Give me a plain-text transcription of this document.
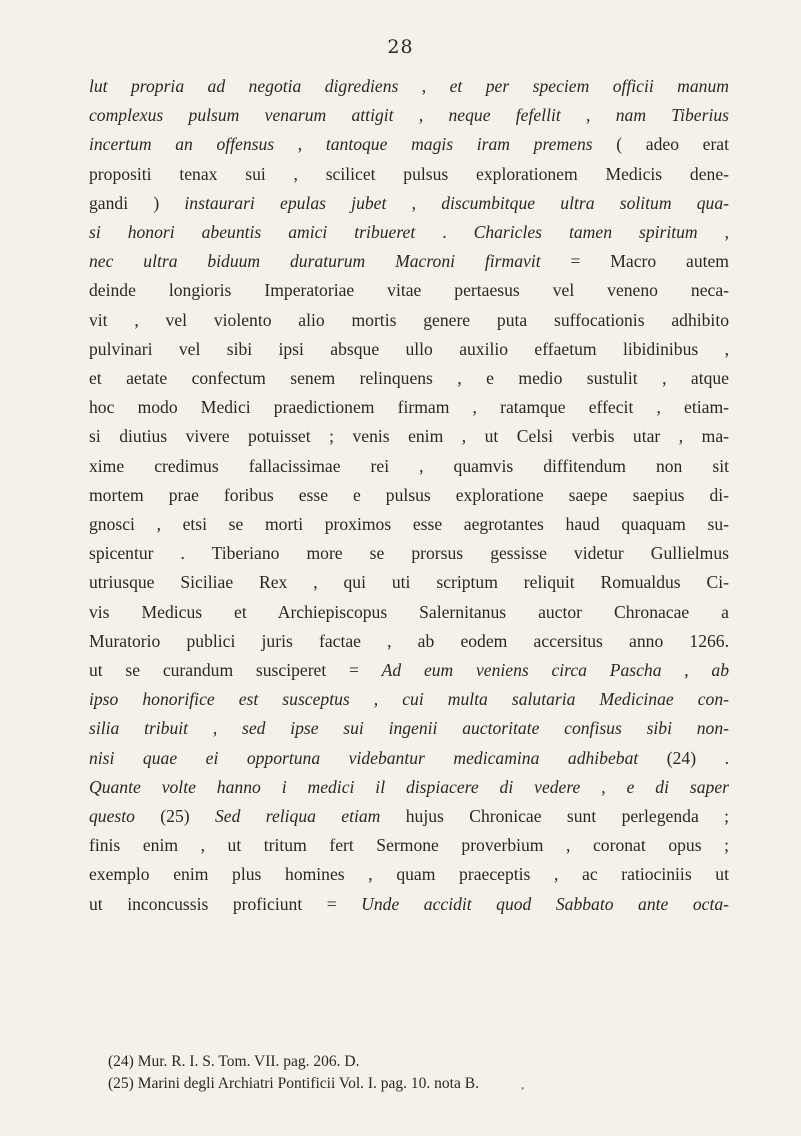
28
lut propria ad negotia digrediens , et per speciem officii manum
complexus pulsum venarum attigit , neque fefellit , nam Tiberius
incertum an offensus , tantoque magis iram premens ( adeo erat
propositi tenax sui , scilicet pulsus explorationem Medicis dene-
gandi ) instaurari epulas jubet , discumbitque ultra solitum qua-
si honori abeuntis amici tribueret . Charicles tamen spiritum ,
nec ultra biduum duraturum Macroni firmavit = Macro autem
deinde longioris Imperatoriae vitae pertaesus vel veneno neca-
vit , vel violento alio mortis genere puta suffocationis adhibito
pulvinari vel sibi ipsi absque ullo auxilio effaetum libidinibus ,
et aetate confectum senem relinquens , e medio sustulit , atque
hoc modo Medici praedictionem firmam , ratamque effecit , etiam-
si diutius vivere potuisset ; venis enim , ut Celsi verbis utar , ma-
xime credimus fallacissimae rei , quamvis diffitendum non sit
mortem prae foribus esse e pulsus exploratione saepe saepius di-
gnosci , etsi se morti proximos esse aegrotantes haud quaquam su-
spicentur . Tiberiano more se prorsus gessisse videtur Gullielmus
utriusque Siciliae Rex , qui uti scriptum reliquit Romualdus Ci-
vis Medicus et Archiepiscopus Salernitanus auctor Chronacae a
Muratorio publici juris factae , ab eodem accersitus anno 1266.
ut se curandum susciperet = Ad eum veniens circa Pascha , ab
ipso honorifice est susceptus , cui multa salutaria Medicinae con-
silia tribuit , sed ipse sui ingenii auctoritate confisus sibi non-
nisi quae ei opportuna videbantur medicamina adhibebat (24) .
Quante volte hanno i medici il dispiacere di vedere , e di saper
questo (25) Sed reliqua etiam hujus Chronicae sunt perlegenda ;
finis enim , ut tritum fert Sermone proverbium , coronat opus ;
exemplo enim plus homines , quam praeceptis , ac ratiociniis ut
ut inconcussis proficiunt = Unde accidit quod Sabbato ante octa-
(24) Mur. R. I. S. Tom. VII. pag. 206. D.
(25) Marini degli Archiatri Pontificii Vol. I. pag. 10. nota B.	•
